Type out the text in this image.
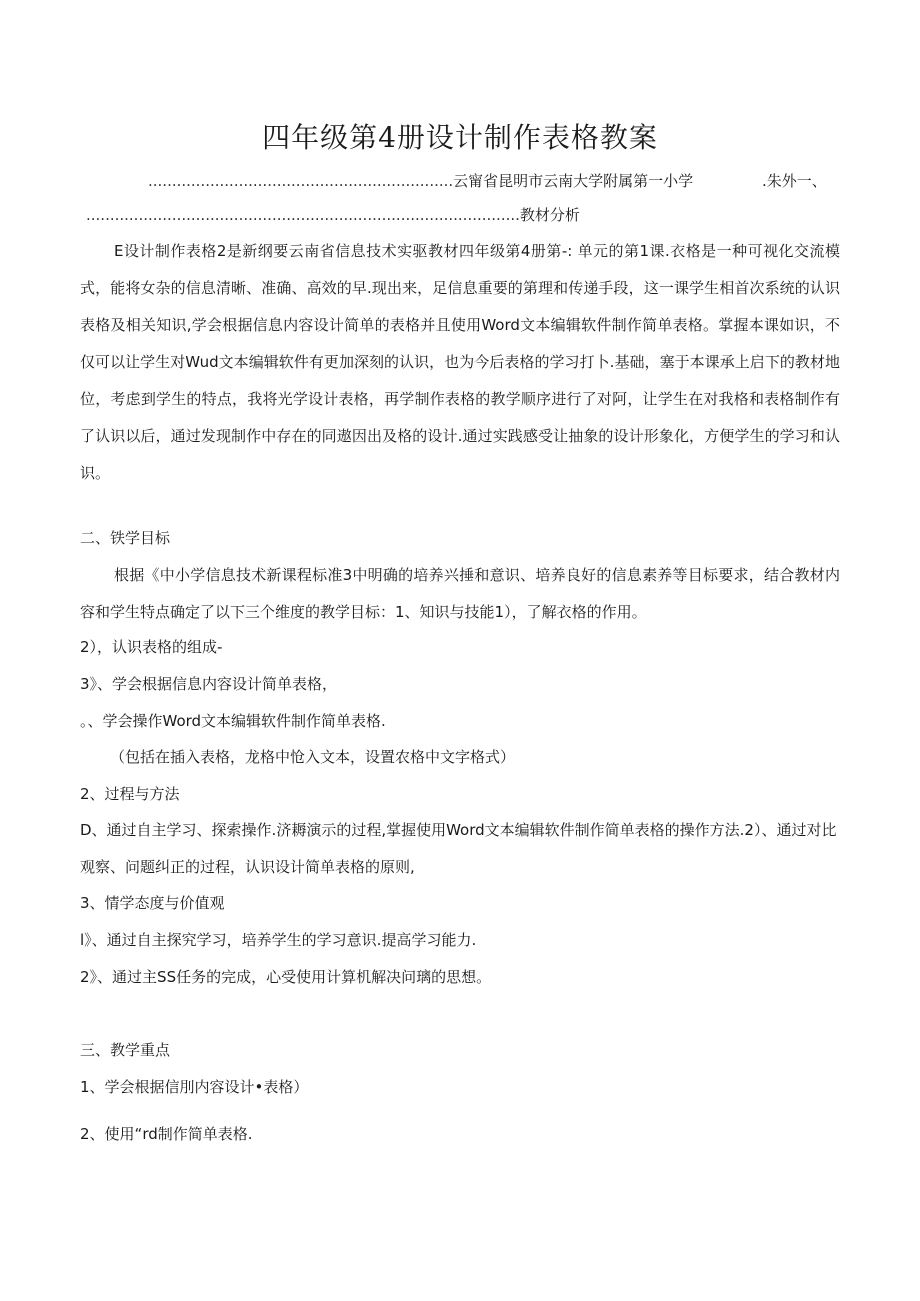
四年级第4册设计制作表格教案
................................................................云甯省昆明市云南大学附属第一小学	.朱外一、
...........................................................................................教材分析

E设计制作表格2是新纲要云南省信息技术实驱教材四年级第4册第-: 单元的第1课.衣格是一种可视化交流模式，能将女杂的信息清晰、准确、高效的早.现出来，足信息重要的第理和传递手段，这一课学生相首次系统的认识表格及相关知识,学会根据信息内容设计简单的表格并且使用Word文本编辑软件制作简单表格。掌握本课如识，不仅可以让学生对Wud文本编辑软件有更加深刻的认识，也为今后表格的学习打卜.基础，塞于本课承上启下的教材地位，考虑到学生的特点，我将光学设计表格，再学制作表格的教学顺序进行了对阿，让学生在对我格和表格制作有了认识以后，通过发现制作中存在的同遨因出及格的设计.通过实践感受让抽象的设计形象化，方便学生的学习和认识。

二、铁学目标

根据《中小学信息技术新课程标准3中明确的培养兴捶和意识、培养良好的信息素养等目标要求，结合教材内容和学生特点确定了以下三个维度的教学目标：1、知识与技能1），了解衣格的作用。

2），认识表格的组成-
3》、学会根据信息内容设计简单表格，
。、学会操作Word文本编辑软件制作简单表格.
（包括在插入表格，龙格中怆入文本，设置农格中文字格式）
2、过程与方法

D、通过自主学习、探索操作.济耨演示的过程,掌握使用Word文本编辑软件制作简单表格的操作方法.2）、通过对比观察、问题纠正的过程，认识设计简单表格的原则,

3、情学态度与价值观
l》、通过自主探究学习，培养学生的学习意识.提高学习能力.
2》、通过主SS任务的完成，心受使用计算机解决问璃的思想。
三、教学重点
1、学会根据信刖内容设计•表格）
2、使用“rd制作简单表格.
